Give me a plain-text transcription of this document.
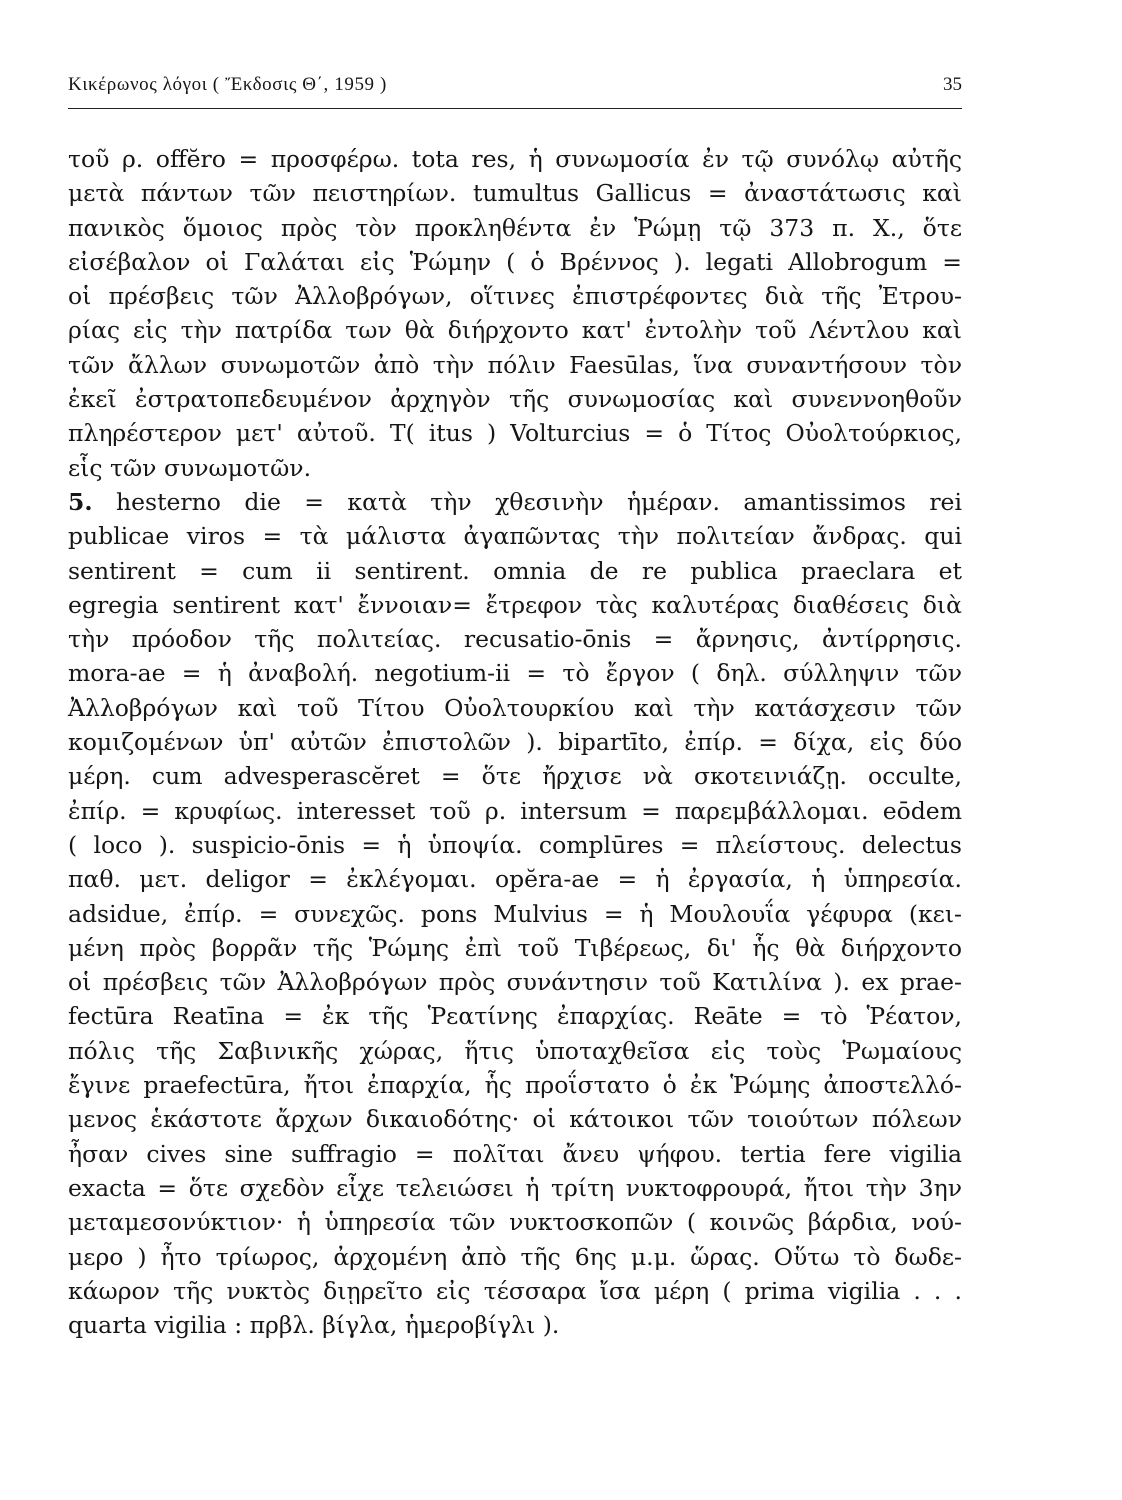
Κικέρωνος λόγοι ( Ἔκδοσις Θ΄, 1959 )	35
τοῦ ρ. offĕro = προσφέρω. tota res, ἡ συνωμοσία ἐν τῷ συνόλῳ αὐτῆς
μετὰ πάντων τῶν πειστηρίων. tumultus Gallicus = ἀναστάτωσις καὶ
πανικὸς ὅμοιος πρὸς τὸν προκληθέντα ἐν Ῥώμῃ τῷ 373 π. Χ., ὅτε
εἰσέβαλον οἱ Γαλάται εἰς Ῥώμην ( ὁ Βρέννος ). legati Allobrogum =
οἱ πρέσβεις τῶν Ἀλλοβρόγων, οἵτινες ἐπιστρέφοντες διὰ τῆς Ἐτρου-
ρίας εἰς τὴν πατρίδα των θὰ διήρχοντο κατ' ἐντολὴν τοῦ Λέντλου καὶ
τῶν ἄλλων συνωμοτῶν ἀπὸ τὴν πόλιν Faesūlas, ἵνα συναντήσουν τὸν
ἐκεῖ ἐστρατοπεδευμένον ἀρχηγὸν τῆς συνωμοσίας καὶ συνεννοηθοῦν
πληρέστερον μετ' αὐτοῦ. T( itus ) Volturcius = ὁ Τίτος Οὐολτούρκιος,
εἷς τῶν συνωμοτῶν.
5. hesterno die = κατὰ τὴν χθεσινὴν ἡμέραν. amantissimos rei
publicae viros = τὰ μάλιστα ἀγαπῶντας τὴν πολιτείαν ἄνδρας. qui
sentirent = cum ii sentirent. omnia de re publica praeclara et
egregia sentirent κατ' ἔννοιαν= ἔτρεφον τὰς καλυτέρας διαθέσεις διὰ
τὴν πρόοδον τῆς πολιτείας. recusatio-ōnis = ἄρνησις, ἀντίρρησις.
mora-ae = ἡ ἀναβολή. negotium-ii = τὸ ἔργον ( δηλ. σύλληψιν τῶν
Ἀλλοβρόγων καὶ τοῦ Τίτου Οὐολτουρκίου καὶ τὴν κατάσχεσιν τῶν
κομιζομένων ὑπ' αὐτῶν ἐπιστολῶν ). bipartīto, ἐπίρ. = δίχα, εἰς δύο
μέρη. cum advesperascĕret = ὅτε ἤρχισε νὰ σκοτεινιάζῃ. occulte,
ἐπίρ. = κρυφίως. interesset τοῦ ρ. intersum = παρεμβάλλομαι. eōdem
( loco ). suspicio-ōnis = ἡ ὑποψία. complūres = πλείστους. delectus
παθ. μετ. deligor = ἐκλέγομαι. opĕra-ae = ἡ ἐργασία, ἡ ὑπηρεσία.
adsidue, ἐπίρ. = συνεχῶς. pons Mulvius = ἡ Μουλουΐα γέφυρα (κει-
μένη πρὸς βορρᾶν τῆς Ῥώμης ἐπὶ τοῦ Τιβέρεως, δι' ἧς θὰ διήρχοντο
οἱ πρέσβεις τῶν Ἀλλοβρόγων πρὸς συνάντησιν τοῦ Κατιλίνα ). ex prae-
fectūra Reatīna = ἐκ τῆς Ῥεατίνης ἐπαρχίας. Reāte = τὸ Ῥέατον,
πόλις τῆς Σαβινικῆς χώρας, ἥτις ὑποταχθεῖσα εἰς τοὺς Ῥωμαίους
ἔγινε praefectūra, ἤτοι ἐπαρχία, ἧς προΐστατο ὁ ἐκ Ῥώμης ἀποστελλό-
μενος ἑκάστοτε ἄρχων δικαιοδότης· οἱ κάτοικοι τῶν τοιούτων πόλεων
ἦσαν cives sine suffragio = πολῖται ἄνευ ψήφου. tertia fere vigilia
exacta = ὅτε σχεδὸν εἶχε τελειώσει ἡ τρίτη νυκτοφρουρά, ἤτοι τὴν 3ην
μεταμεσονύκτιον· ἡ ὑπηρεσία τῶν νυκτοσκοπῶν ( κοινῶς βάρδια, νού-
μερο ) ἦτο τρίωρος, ἀρχομένη ἀπὸ τῆς 6ης μ.μ. ὥρας. Οὕτω τὸ δωδε-
κάωρον τῆς νυκτὸς διῃρεῖτο εἰς τέσσαρα ἴσα μέρη ( prima vigilia . . .
quarta vigilia : πρβλ. βίγλα, ἡμεροβίγλι ).
